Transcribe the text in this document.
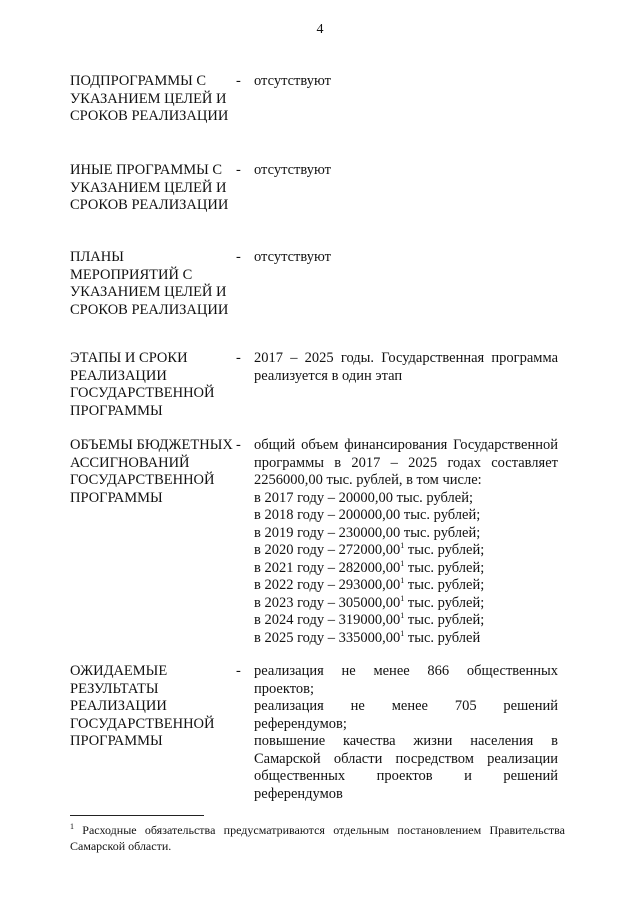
4
ПОДПРОГРАММЫ С УКАЗАНИЕМ ЦЕЛЕЙ И СРОКОВ РЕАЛИЗАЦИИ
- отсутствуют
ИНЫЕ ПРОГРАММЫ С УКАЗАНИЕМ ЦЕЛЕЙ И СРОКОВ РЕАЛИЗАЦИИ
- отсутствуют
ПЛАНЫ МЕРОПРИЯТИЙ С УКАЗАНИЕМ ЦЕЛЕЙ И СРОКОВ РЕАЛИЗАЦИИ
- отсутствуют
ЭТАПЫ И СРОКИ РЕАЛИЗАЦИИ ГОСУДАРСТВЕННОЙ ПРОГРАММЫ
- 2017 – 2025 годы. Государственная программа реализуется в один этап
ОБЪЕМЫ БЮДЖЕТНЫХ АССИГНОВАНИЙ ГОСУДАРСТВЕННОЙ ПРОГРАММЫ
- общий объем финансирования Государственной программы в 2017 – 2025 годах составляет 2256000,00 тыс. рублей, в том числе:
в 2017 году – 20000,00 тыс. рублей;
в 2018 году – 200000,00 тыс. рублей;
в 2019 году – 230000,00 тыс. рублей;
в 2020 году – 272000,00$^1$ тыс. рублей;
в 2021 году – 282000,00$^1$ тыс. рублей;
в 2022 году – 293000,00$^1$ тыс. рублей;
в 2023 году – 305000,00$^1$ тыс. рублей;
в 2024 году – 319000,00$^1$ тыс. рублей;
в 2025 году – 335000,00$^1$ тыс. рублей
ОЖИДАЕМЫЕ РЕЗУЛЬТАТЫ РЕАЛИЗАЦИИ ГОСУДАРСТВЕННОЙ ПРОГРАММЫ
- реализация не менее 866 общественных проектов;
реализация не менее 705 решений референдумов;
повышение качества жизни населения в Самарской области посредством реализации общественных проектов и решений референдумов
$^1$ Расходные обязательства предусматриваются отдельным постановлением Правительства Самарской области.
